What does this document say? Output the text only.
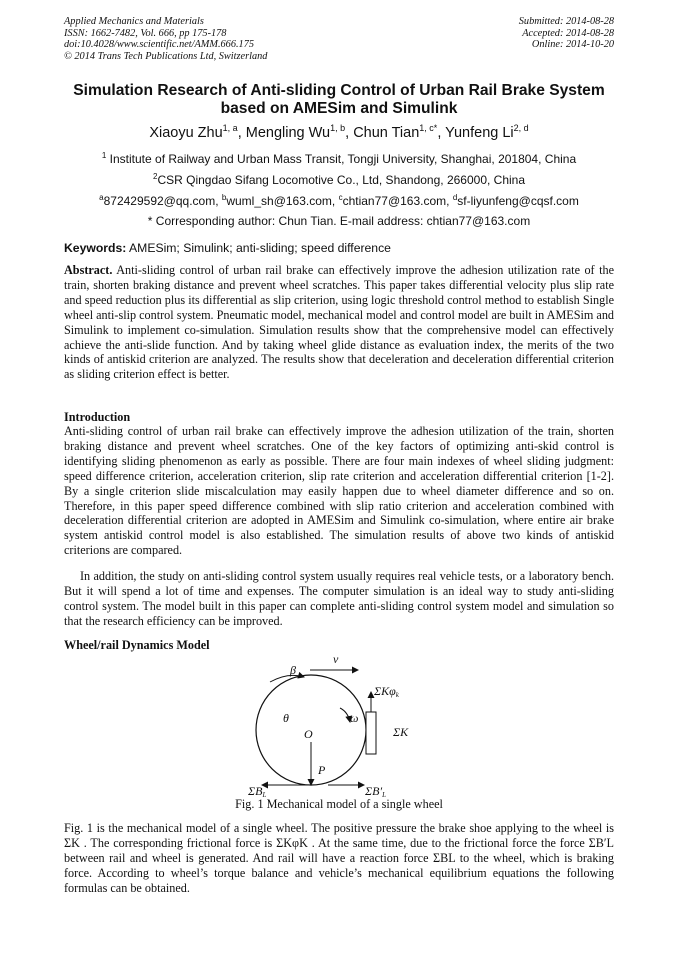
Applied Mechanics and Materials
ISSN: 1662-7482, Vol. 666, pp 175-178
doi:10.4028/www.scientific.net/AMM.666.175
© 2014 Trans Tech Publications Ltd, Switzerland
Submitted: 2014-08-28
Accepted: 2014-08-28
Online: 2014-10-20
Simulation Research of Anti-sliding Control of Urban Rail Brake System
based on AMESim and Simulink
Xiaoyu Zhu$^{1, a}$, Mengling Wu$^{1, b}$, Chun Tian$^{1, c*}$, Yunfeng Li$^{2, d}$
$^1$ Institute of Railway and Urban Mass Transit, Tongji University, Shanghai, 201804, China
$^2$CSR Qingdao Sifang Locomotive Co., Ltd, Shandong, 266000, China
$^a$872429592@qq.com, $^b$wuml_sh@163.com, $^c$chtian77@163.com, $^d$sf-liyunfeng@cqsf.com
* Corresponding author: Chun Tian. E-mail address: chtian77@163.com
Keywords: AMESim; Simulink; anti-sliding; speed difference
Abstract. Anti-sliding control of urban rail brake can effectively improve the adhesion utilization rate of the train, shorten braking distance and prevent wheel scratches. This paper takes differential velocity plus slip rate and speed reduction plus its differential as slip criterion, using logic threshold control method to establish Single wheel anti-slip control system. Pneumatic model, mechanical model and control model are built in AMESim and Simulink to implement co-simulation. Simulation results show that the comprehensive model can effectively achieve the anti-slide function. And by taking wheel glide distance as evaluation index, the merits of the two kinds of antiskid criterion are analyzed. The results show that deceleration and deceleration differential criterion as sliding criterion effect is better.
Introduction
Anti-sliding control of urban rail brake can effectively improve the adhesion utilization of the train, shorten braking distance and prevent wheel scratches. One of the key factors of optimizing anti-skid control is identifying sliding phenomenon as early as possible. There are four main indexes of wheel sliding judgment: speed difference criterion, acceleration criterion, slip rate criterion and acceleration differential criterion [1-2]. By a single criterion slide miscalculation may easily happen due to wheel diameter difference and so on. Therefore, in this paper speed difference combined with slip ratio criterion and acceleration combined with deceleration differential criterion are adopted in AMESim and Simulink co-simulation, where entire air brake system antiskid control model is also established. The simulation results of above two kinds of antiskid criterions are compared.
In addition, the study on anti-sliding control system usually requires real vehicle tests, or a laboratory bench. But it will spend a lot of time and expenses. The computer simulation is an ideal way to study anti-sliding control system. The model built in this paper can complete anti-sliding control system model and simulation so that the research efficiency can be improved.
Wheel/rail Dynamics Model
β
v
ΣKφk
ΣK
θ	ω
O
P
ΣBL	ΣB′L
Fig. 1 Mechanical model of a single wheel
Fig. 1 is the mechanical model of a single wheel. The positive pressure the brake shoe applying to the wheel is ΣK . The corresponding frictional force is ΣKφK . At the same time, due to the frictional force the force ΣB′L between rail and wheel is generated. And rail will have a reaction force ΣBL to the wheel, which is braking force. According to wheel’s torque balance and vehicle’s mechanical equilibrium equations the following formulas can be obtained.
